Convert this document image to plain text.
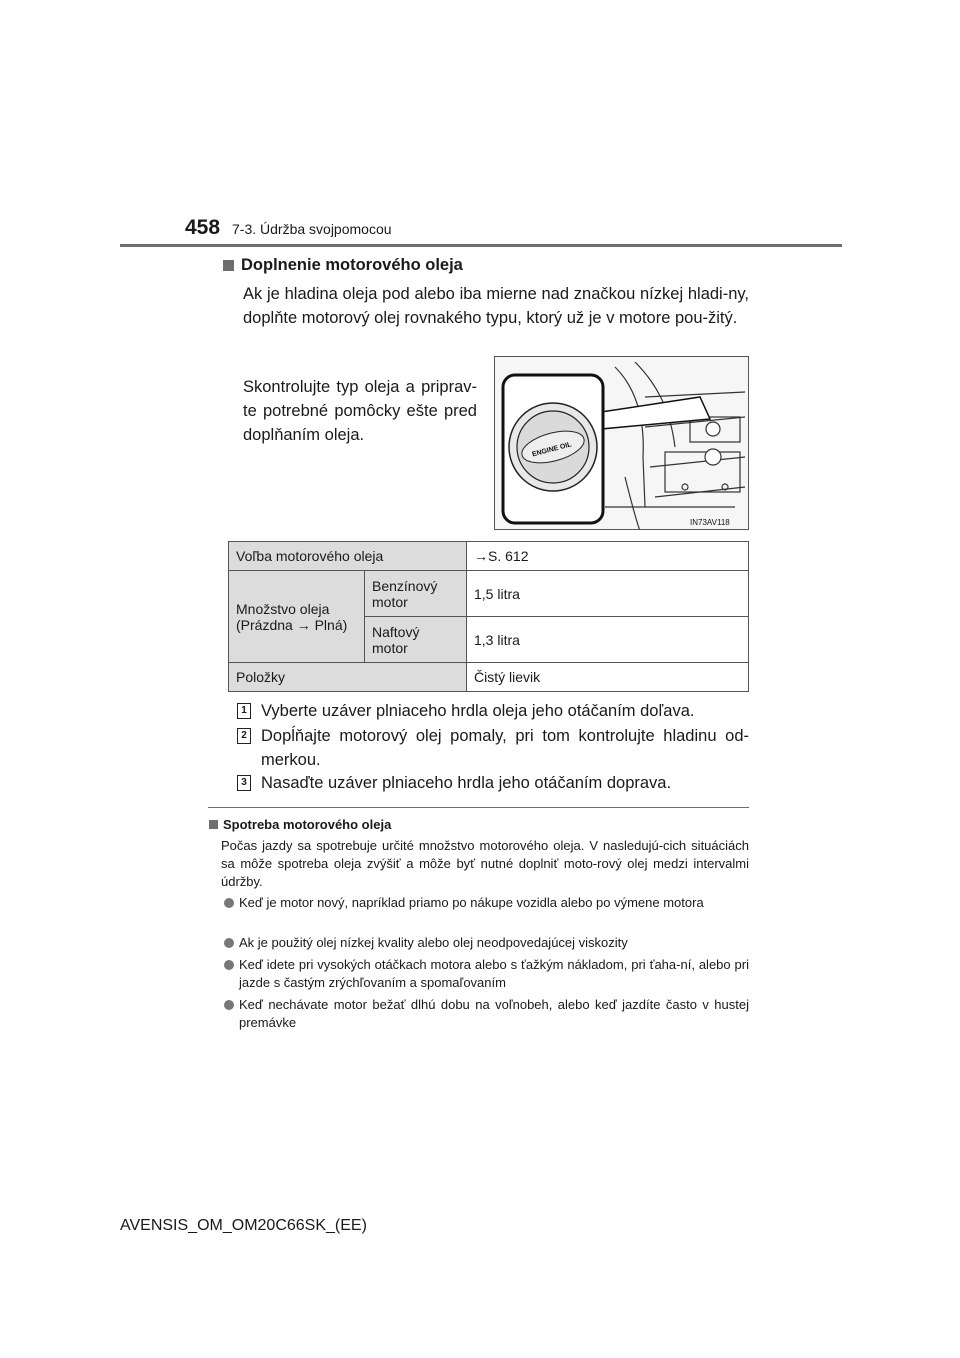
458 7-3. Údržba svojpomocou
Doplnenie motorového oleja
Ak je hladina oleja pod alebo iba mierne nad značkou nízkej hladi-ny, doplňte motorový olej rovnakého typu, ktorý už je v motore pou-žitý.
Skontrolujte typ oleja a priprav-te potrebné pomôcky ešte pred doplňaním oleja.
ENGINE OIL
IN73AV118
Voľba motorového oleja		→S. 612
Množstvo oleja (Prázdna → Plná)	Benzínový motor	1,5 litra
	Naftový motor	1,3 litra
Položky		Čistý lievik
1 Vyberte uzáver plniaceho hrdla oleja jeho otáčaním doľava.
2 Dopĺňajte motorový olej pomaly, pri tom kontrolujte hladinu od-merkou.
3 Nasaďte uzáver plniaceho hrdla jeho otáčaním doprava.
Spotreba motorového oleja
Počas jazdy sa spotrebuje určité množstvo motorového oleja. V nasledujú-cich situáciách sa môže spotreba oleja zvýšiť a môže byť nutné doplniť moto-rový olej medzi intervalmi údržby.
Keď je motor nový, napríklad priamo po nákupe vozidla alebo po výmene motora
Ak je použitý olej nízkej kvality alebo olej neodpovedajúcej viskozity
Keď idete pri vysokých otáčkach motora alebo s ťažkým nákladom, pri ťaha-ní, alebo pri jazde s častým zrýchľovaním a spomaľovaním
Keď nechávate motor bežať dlhú dobu na voľnobeh, alebo keď jazdíte často v hustej premávke
AVENSIS_OM_OM20C66SK_(EE)
